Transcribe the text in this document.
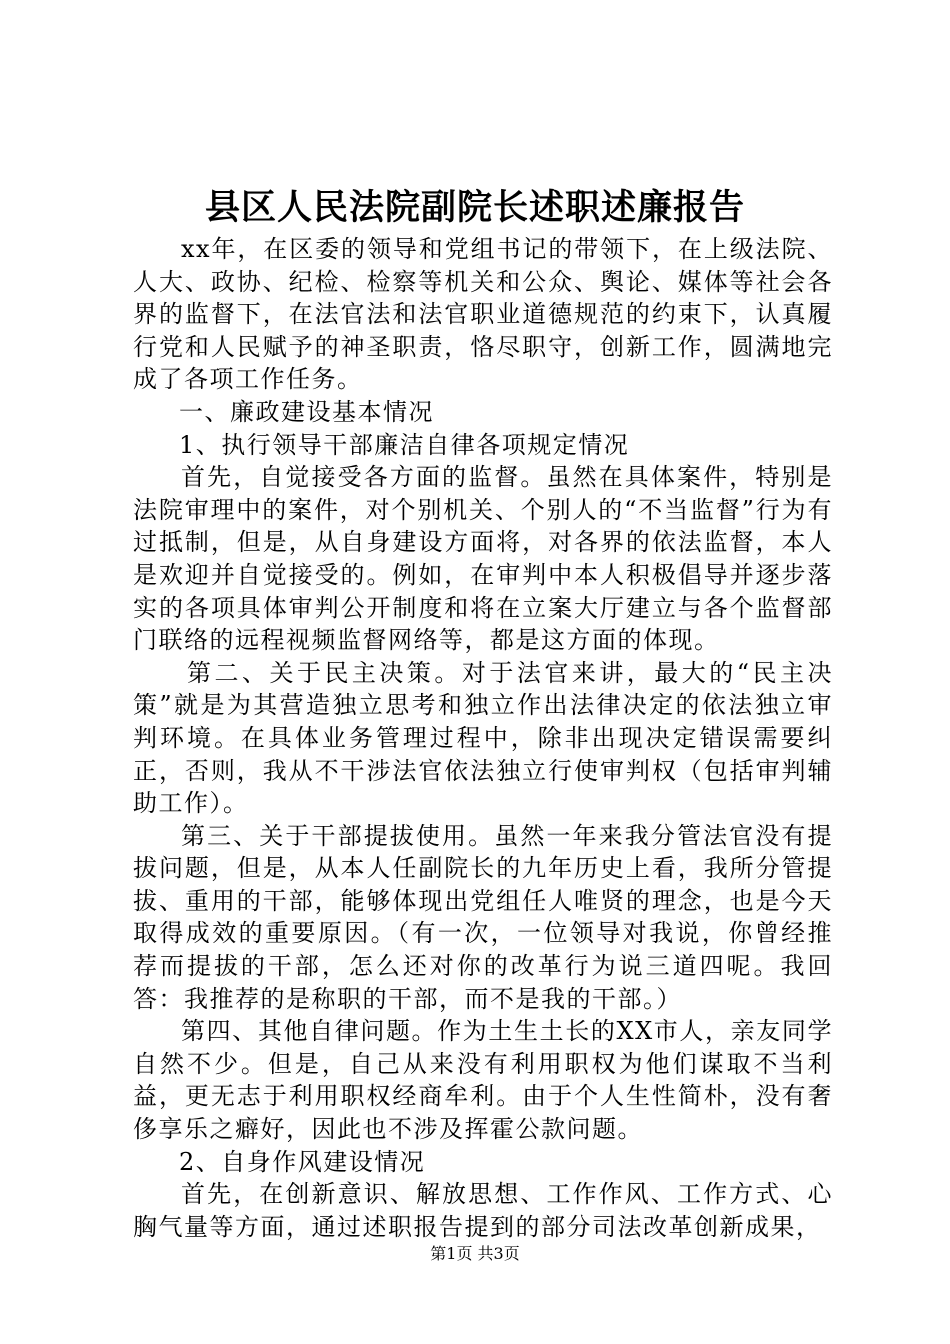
县区人民法院副院长述职述廉报告

xx年，在区委的领导和党组书记的带领下，在上级法院、人大、政协、纪检、检察等机关和公众、舆论、媒体等社会各界的监督下，在法官法和法官职业道德规范的约束下，认真履行党和人民赋予的神圣职责，恪尽职守，创新工作，圆满地完成了各项工作任务。

一、廉政建设基本情况

1、执行领导干部廉洁自律各项规定情况

首先，自觉接受各方面的监督。虽然在具体案件，特别是法院审理中的案件，对个别机关、个别人的“不当监督”行为有过抵制，但是，从自身建设方面将，对各界的依法监督，本人是欢迎并自觉接受的。例如，在审判中本人积极倡导并逐步落实的各项具体审判公开制度和将在立案大厅建立与各个监督部门联络的远程视频监督网络等，都是这方面的体现。

第二、关于民主决策。对于法官来讲，最大的“民主决策”就是为其营造独立思考和独立作出法律决定的依法独立审判环境。在具体业务管理过程中，除非出现决定错误需要纠正，否则，我从不干涉法官依法独立行使审判权（包括审判辅助工作）。

第三、关于干部提拔使用。虽然一年来我分管法官没有提拔问题，但是，从本人任副院长的九年历史上看，我所分管提拔、重用的干部，能够体现出党组任人唯贤的理念，也是今天取得成效的重要原因。（有一次，一位领导对我说，你曾经推荐而提拔的干部，怎么还对你的改革行为说三道四呢。我回答：我推荐的是称职的干部，而不是我的干部。）

第四、其他自律问题。作为土生土长的XX市人，亲友同学自然不少。但是，自己从来没有利用职权为他们谋取不当利益，更无志于利用职权经商牟利。由于个人生性简朴，没有奢侈享乐之癖好，因此也不涉及挥霍公款问题。

2、自身作风建设情况

首先，在创新意识、解放思想、工作作风、工作方式、心胸气量等方面，通过述职报告提到的部分司法改革创新成果，

第1页 共3页
